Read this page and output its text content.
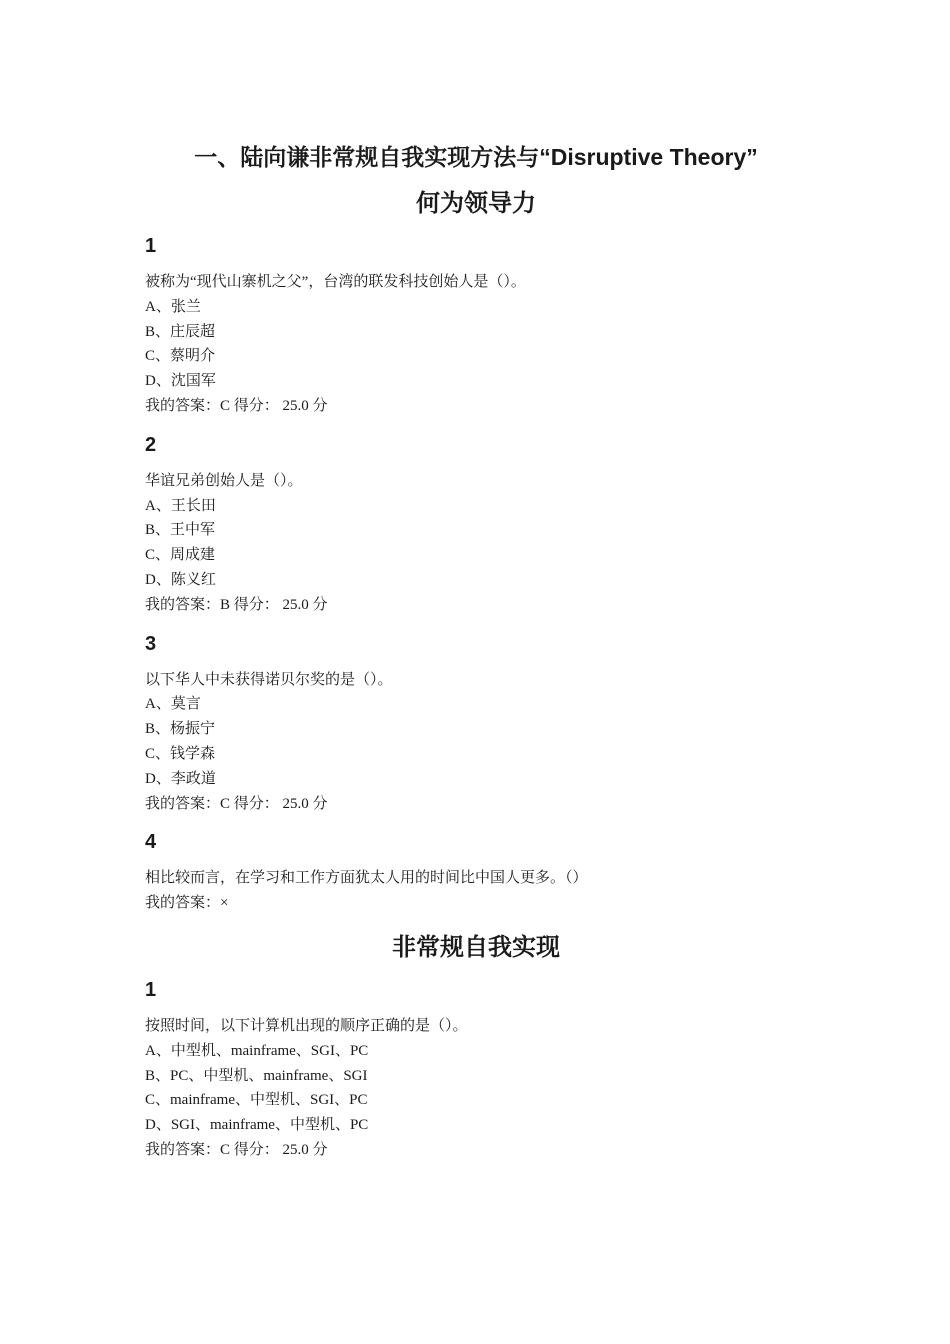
一、陆向谦非常规自我实现方法与“Disruptive Theory”
何为领导力
1

被称为“现代山寨机之父”，台湾的联发科技创始人是（）。

A、张兰

B、庄辰超

C、蔡明介

D、沈国军

我的答案：C 得分： 25.0 分

2

华谊兄弟创始人是（）。

A、王长田

B、王中军

C、周成建

D、陈义红

我的答案：B 得分： 25.0 分

3

以下华人中未获得诺贝尔奖的是（）。

A、莫言

B、杨振宁

C、钱学森

D、李政道

我的答案：C 得分： 25.0 分

4

相比较而言，在学习和工作方面犹太人用的时间比中国人更多。（）

我的答案：×

非常规自我实现
1

按照时间，以下计算机出现的顺序正确的是（）。

A、中型机、mainframe、SGI、PC

B、PC、中型机、mainframe、SGI

C、mainframe、中型机、SGI、PC

D、SGI、mainframe、中型机、PC

我的答案：C 得分： 25.0 分
